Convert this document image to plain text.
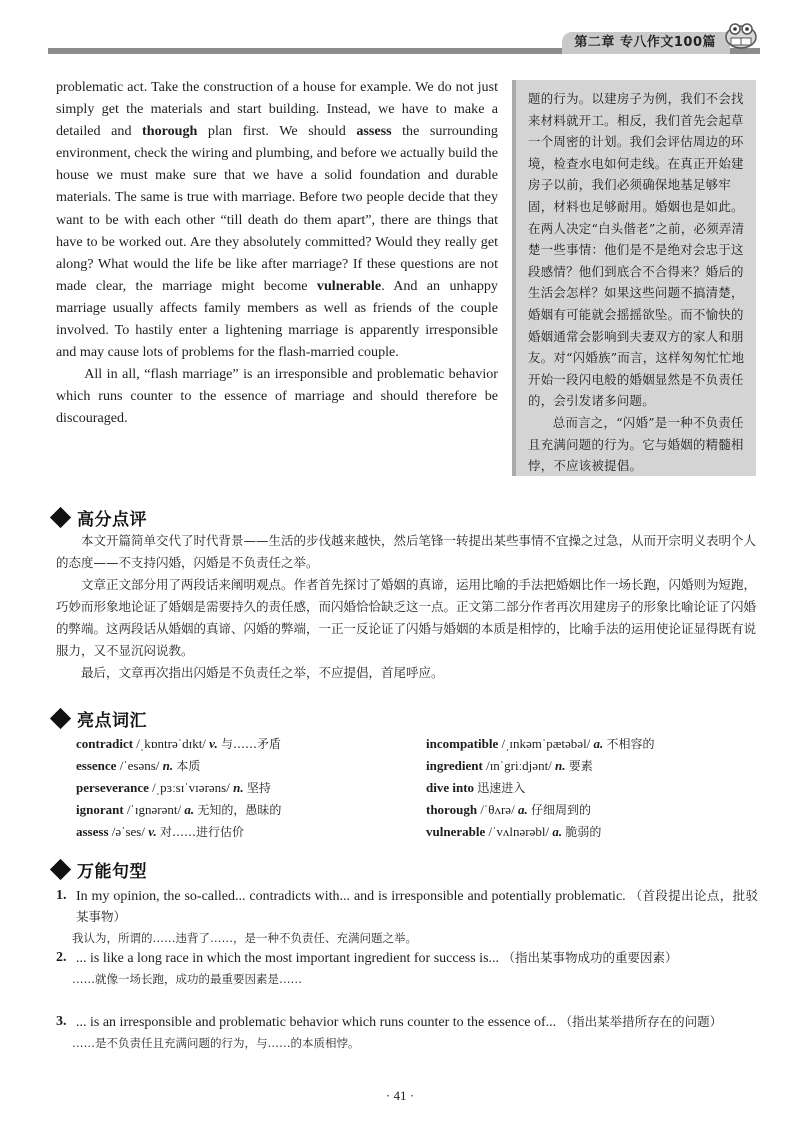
第二章 专八作文100篇

problematic act. Take the construction of a house for example. We do not just simply get the materials and start building. Instead, we have to make a detailed and thorough plan first. We should assess the surrounding environment, check the wiring and plumbing, and before we actually build the house we must make sure that we have a solid foundation and durable materials. The same is true with marriage. Before two people decide that they want to be with each other “till death do them apart”, there are things that have to be worked out. Are they absolutely committed? Would they really get along? What would the life be like after marriage? If these questions are not made clear, the marriage might become vulnerable. And an unhappy marriage usually affects family members as well as friends of the couple involved. To hastily enter a lightening marriage is apparently irresponsible and may cause lots of problems for the flash-married couple.

All in all, “flash marriage” is an irresponsible and problematic behavior which runs counter to the essence of marriage and should therefore be discouraged.

题的行为。以建房子为例，我们不会找来材料就开工。相反，我们首先会起草一个周密的计划。我们会评估周边的环境，检查水电如何走线。在真正开始建房子以前，我们必须确保地基足够牢固，材料也足够耐用。婚姻也是如此。在两人决定“白头偕老”之前，必须弄清楚一些事情：他们是不是绝对会忠于这段感情？他们到底合不合得来？婚后的生活会怎样？如果这些问题不搞清楚，婚姻有可能就会摇摇欲坠。而不愉快的婚姻通常会影响到夫妻双方的家人和朋友。对“闪婚族”而言，这样匆匆忙忙地开始一段闪电般的婚姻显然是不负责任的，会引发诸多问题。

总而言之，“闪婚”是一种不负责任且充满问题的行为。它与婚姻的精髓相悖，不应该被提倡。

高分点评

本文开篇简单交代了时代背景——生活的步伐越来越快，然后笔锋一转提出某些事情不宜操之过急，从而开宗明义表明个人的态度——不支持闪婚，闪婚是不负责任之举。

文章正文部分用了两段话来阐明观点。作者首先探讨了婚姻的真谛，运用比喻的手法把婚姻比作一场长跑，闪婚则为短跑，巧妙而形象地论证了婚姻是需要持久的责任感，而闪婚恰恰缺乏这一点。正文第二部分作者再次用建房子的形象比喻论证了闪婚的弊端。这两段话从婚姻的真谛、闪婚的弊端，一正一反论证了闪婚与婚姻的本质是相悖的，比喻手法的运用使论证显得既有说服力，又不显沉闷说教。

最后，文章再次指出闪婚是不负责任之举，不应提倡，首尾呼应。

亮点词汇
contradict /ˌkɒntrəˈdɪkt/ v. 与……矛盾	incompatible /ˌɪnkəmˈpætəbəl/ a. 不相容的
essence /ˈesəns/ n. 本质	ingredient /ɪnˈgriːdjənt/ n. 要素
perseverance /ˌpɜːsɪˈvɪərəns/ n. 坚持	dive into 迅速进入
ignorant /ˈɪgnərənt/ a. 无知的，愚昧的	thorough /ˈθʌrə/ a. 仔细周到的
assess /əˈses/ v. 对……进行估价	vulnerable /ˈvʌlnərəbl/ a. 脆弱的
万能句型
1. In my opinion, the so-called... contradicts with... and is irresponsible and potentially problematic. （首段提出论点，批驳某事物）
我认为，所谓的……违背了……，是一种不负责任、充满问题之举。
2. ... is like a long race in which the most important ingredient for success is... （指出某事物成功的重要因素）
……就像一场长跑，成功的最重要因素是……
3. ... is an irresponsible and problematic behavior which runs counter to the essence of... （指出某举措所存在的问题）
……是不负责任且充满问题的行为，与……的本质相悖。
· 41 ·
